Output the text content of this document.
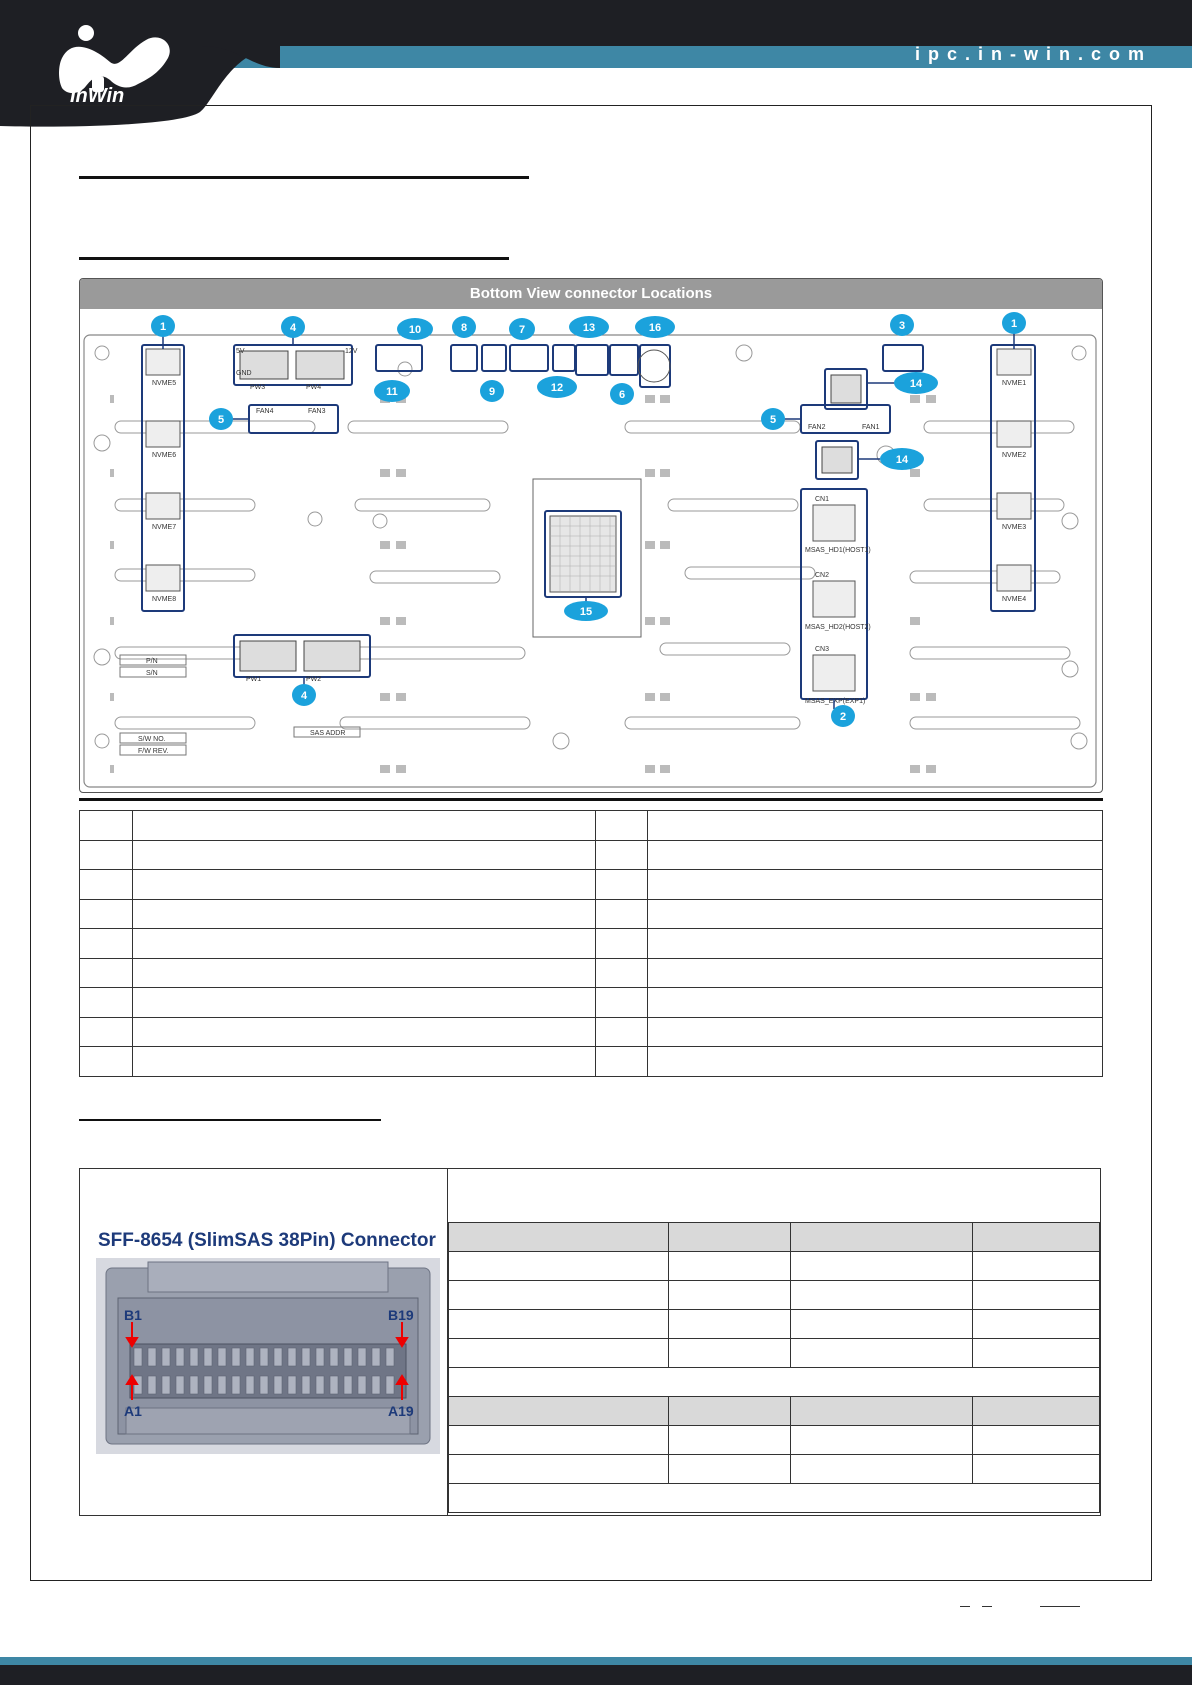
ipc.in-win.com
InWin
Bottom View connector Locations
NVME5
NVME6
NVME7
NVME8
NVME1
NVME2
NVME3
NVME4
PW3	PW4
PW1	PW2
5V
GND
12V
FAN4	FAN3
FAN2	FAN1
CN1
CN2
CN3
MSAS_HD1(HOST1)
MSAS_HD2(HOST2)
MSAS_EXP(EXP1)
P/N
S/N
S/W NO.
F/W REV.
SAS ADDR
1	1
2
3
4
4
5	5
6
7
8
9
10
11	12
13
14
14
15
16

SFF-8654 (SlimSAS 38Pin) Connector
B1	B19
A1	A19
